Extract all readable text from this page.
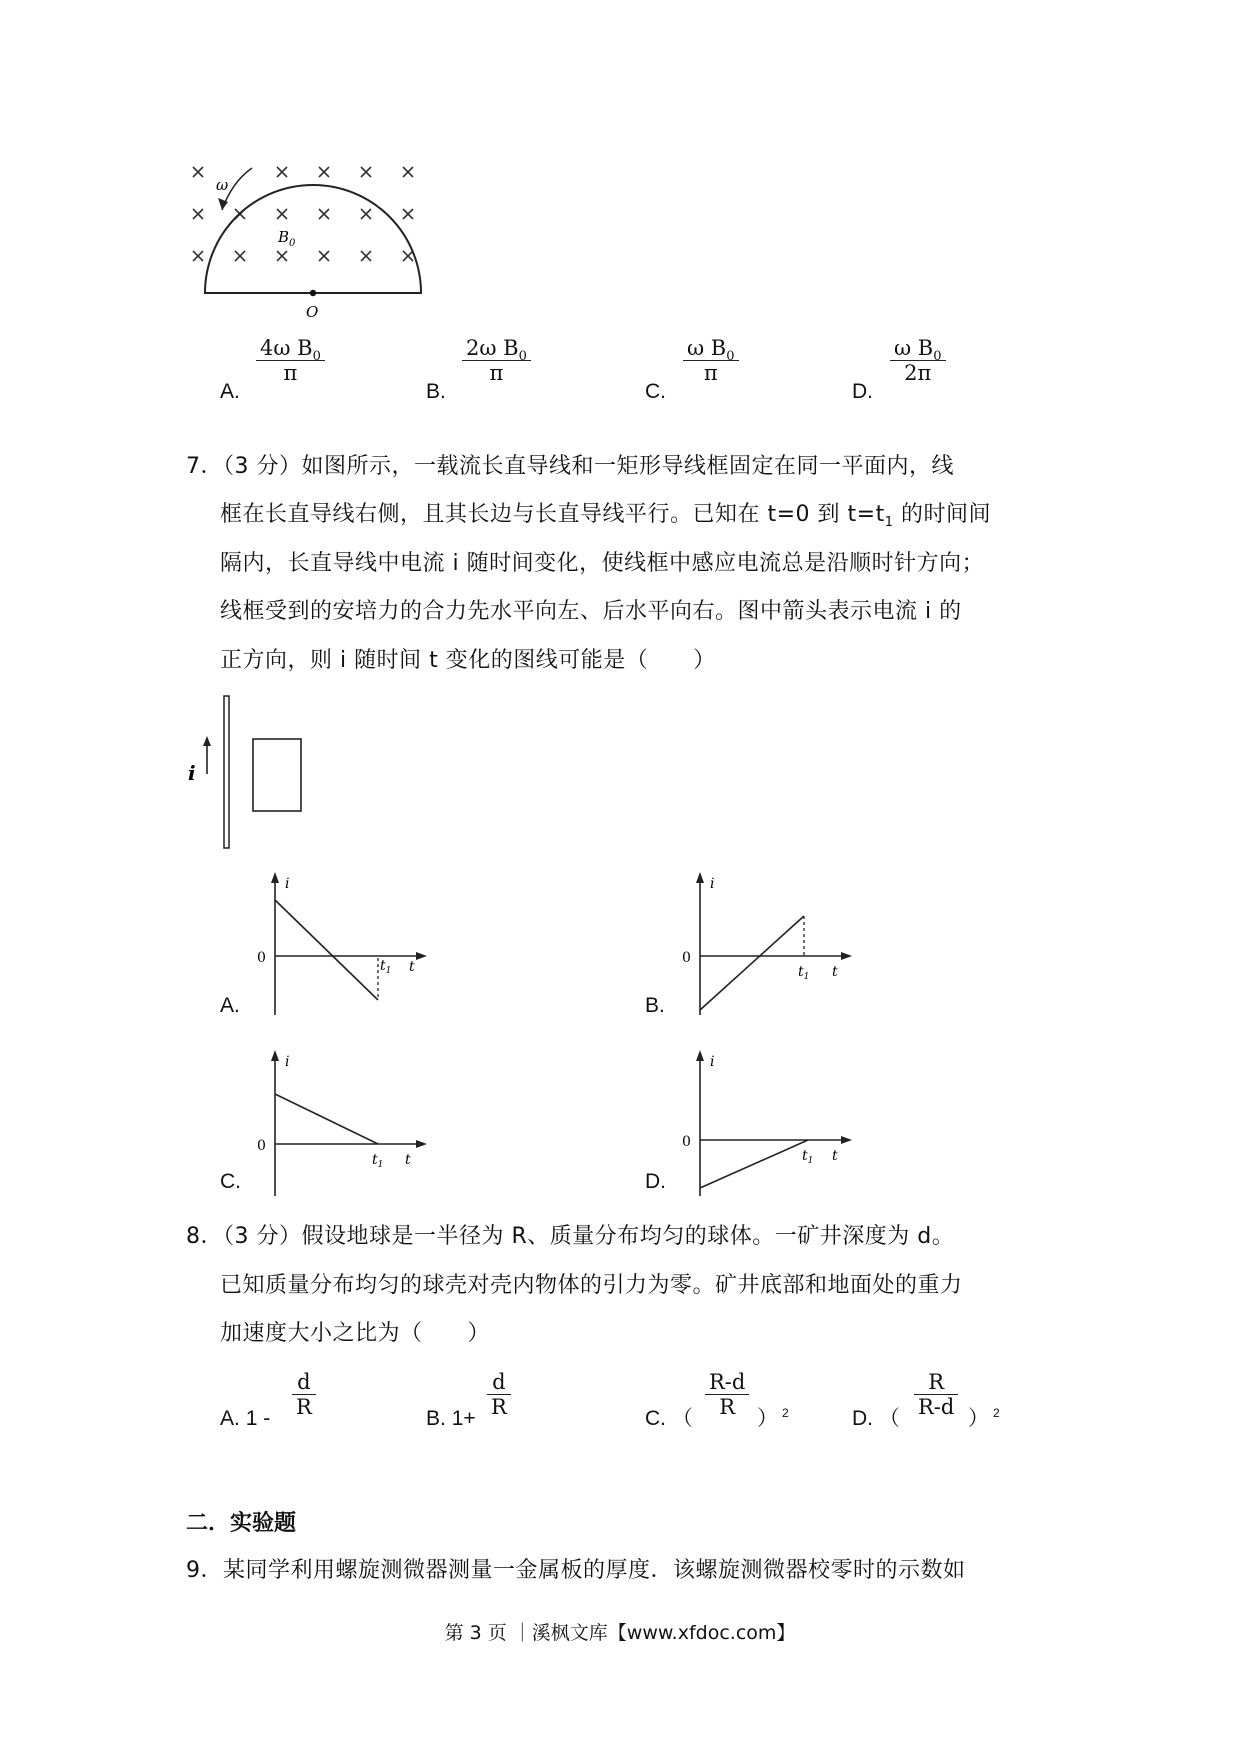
ω
$B_0$
O
A.
4ω $B_0$
π
B.
2ω $B_0$
π
C.
ω $B_0$
π
D.
ω $B_0$
2π
7．（3 分）如图所示，一载流长直导线和一矩形导线框固定在同一平面内，线
框在长直导线右侧，且其长边与长直导线平行。已知在 t=0 到 $t=t_1$ 的时间间
隔内，长直导线中电流 i 随时间变化，使线框中感应电流总是沿顺时针方向；
线框受到的安培力的合力先水平向左、后水平向右。图中箭头表示电流 i 的
正方向，则 i 随时间 t 变化的图线可能是（　　）
i
i
0	$t_1$ t
A.
i
0
$t_1$ t
B.
i
0
$t_1$ t
C.
i
0
$t_1$ t
D.
8．（3 分）假设地球是一半径为 R、质量分布均匀的球体。一矿井深度为 d。
已知质量分布均匀的球壳对壳内物体的引力为零。矿井底部和地面处的重力
加速度大小之比为（　　）
A. 1 -
d
R	B. 1+
d
R	C. （
R-d
R	） $^2$	D. （
R
R-d ） $^2$
二．实验题
9．某同学利用螺旋测微器测量一金属板的厚度．该螺旋测微器校零时的示数如
第 3 页 ｜溪枫文库【www.xfdoc.com】
